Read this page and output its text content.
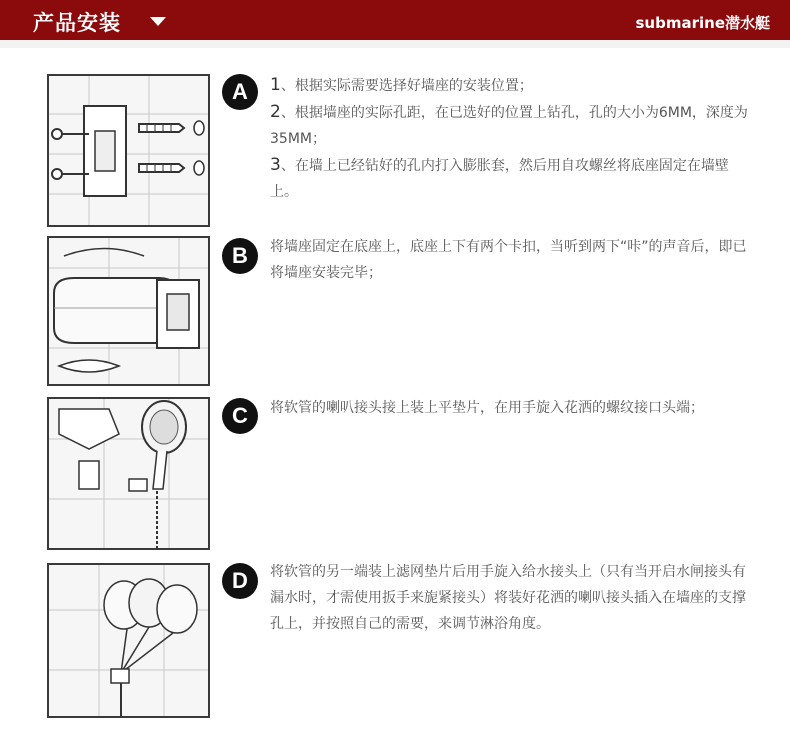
产品安装	submarine潜水艇
A	1、根据实际需要选择好墙座的安装位置；
2、根据墙座的实际孔距，在已选好的位置上钻孔，孔的大小为6MM，深度为35MM；
3、在墙上已经钻好的孔内打入膨胀套，然后用自攻螺丝将底座固定在墙壁上。
B	将墙座固定在底座上，底座上下有两个卡扣，当听到两下“咔”的声音后，即已将墙座安装完毕；
C	将软管的喇叭接头接上装上平垫片，在用手旋入花洒的螺纹接口头端；
D	将软管的另一端装上滤网垫片后用手旋入给水接头上（只有当开启水闸接头有漏水时，才需使用扳手来旎紧接头）将装好花洒的喇叭接头插入在墙座的支撑孔上，并按照自己的需要，来调节淋浴角度。
